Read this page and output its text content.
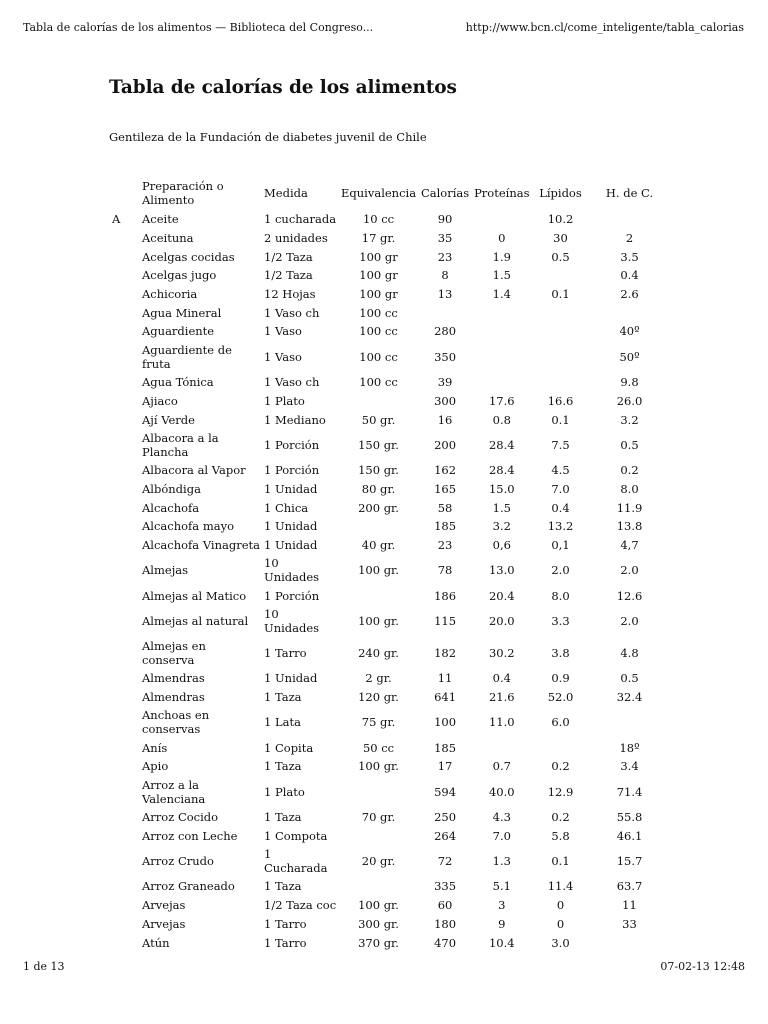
Tabla de calorías de los alimentos — Biblioteca del Congreso...	http://www.bcn.cl/come_inteligente/tabla_calorias
Tabla de calorías de los alimentos
Gentileza de la Fundación de diabetes juvenil de Chile
	Preparación o Alimento	Medida	Equivalencia	Calorías	Proteínas	Lípidos	H. de C.
A	Aceite	1 cucharada	10 cc	90		10.2	
	Aceituna	2 unidades	17 gr.	35	0	30	2
	Acelgas cocidas	1/2 Taza	100 gr	23	1.9	0.5	3.5
	Acelgas jugo	1/2 Taza	100 gr	8	1.5		0.4
	Achicoria	12 Hojas	100 gr	13	1.4	0.1	2.6
	Agua Mineral	1 Vaso ch	100 cc				
	Aguardiente	1 Vaso	100 cc	280			40º
	Aguardiente de fruta	1 Vaso	100 cc	350			50º
	Agua Tónica	1 Vaso ch	100 cc	39			9.8
	Ajiaco	1 Plato		300	17.6	16.6	26.0
	Ají Verde	1 Mediano	50 gr.	16	0.8	0.1	3.2
	Albacora a la Plancha	1 Porción	150 gr.	200	28.4	7.5	0.5
	Albacora al Vapor	1 Porción	150 gr.	162	28.4	4.5	0.2
	Albóndiga	1 Unidad	80 gr.	165	15.0	7.0	8.0
	Alcachofa	1 Chica	200 gr.	58	1.5	0.4	11.9
	Alcachofa mayo	1 Unidad		185	3.2	13.2	13.8
	Alcachofa Vinagreta	1 Unidad	40 gr.	23	0,6	0,1	4,7
	Almejas	10 Unidades	100 gr.	78	13.0	2.0	2.0
	Almejas al Matico	1 Porción		186	20.4	8.0	12.6
	Almejas al natural	10 Unidades	100 gr.	115	20.0	3.3	2.0
	Almejas en conserva	1 Tarro	240 gr.	182	30.2	3.8	4.8
	Almendras	1 Unidad	2 gr.	11	0.4	0.9	0.5
	Almendras	1 Taza	120 gr.	641	21.6	52.0	32.4
	Anchoas en conservas	1 Lata	75 gr.	100	11.0	6.0	
	Anís	1 Copita	50 cc	185			18º
	Apio	1 Taza	100 gr.	17	0.7	0.2	3.4
	Arroz a la Valenciana	1 Plato		594	40.0	12.9	71.4
	Arroz Cocido	1 Taza	70 gr.	250	4.3	0.2	55.8
	Arroz con Leche	1 Compota		264	7.0	5.8	46.1
	Arroz Crudo	1 Cucharada	20 gr.	72	1.3	0.1	15.7
	Arroz Graneado	1 Taza		335	5.1	11.4	63.7
	Arvejas	1/2 Taza coc	100 gr.	60	3	0	11
	Arvejas	1 Tarro	300 gr.	180	9	0	33
	Atún	1 Tarro	370 gr.	470	10.4	3.0	
1 de 13	07-02-13 12:48
